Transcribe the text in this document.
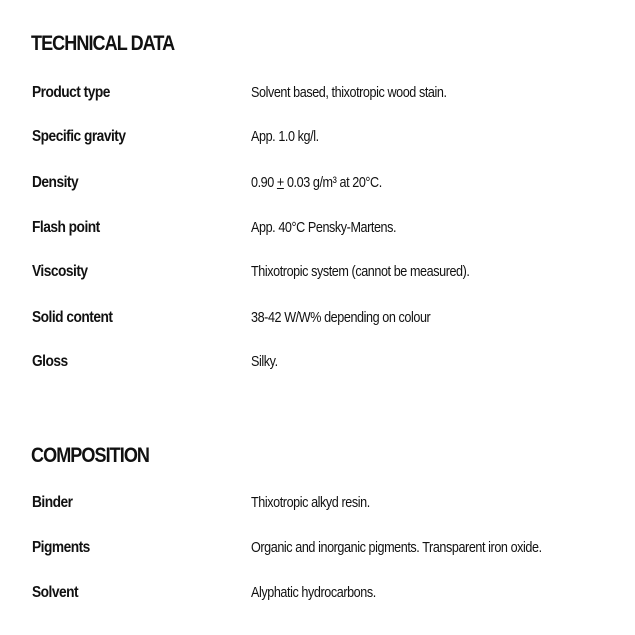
TECHNICAL DATA
Product type	Solvent based, thixotropic wood stain.
Specific gravity	App. 1.0 kg/l.
Density	0.90 + 0.03 g/m³ at 20°C.
Flash point	App. 40°C Pensky-Martens.
Viscosity	Thixotropic system (cannot be measured).
Solid content	38-42 W/W% depending on colour
Gloss	Silky.
COMPOSITION
Binder	Thixotropic alkyd resin.
Pigments	Organic and inorganic pigments. Transparent iron oxide.
Solvent	Alyphatic hydrocarbons.
